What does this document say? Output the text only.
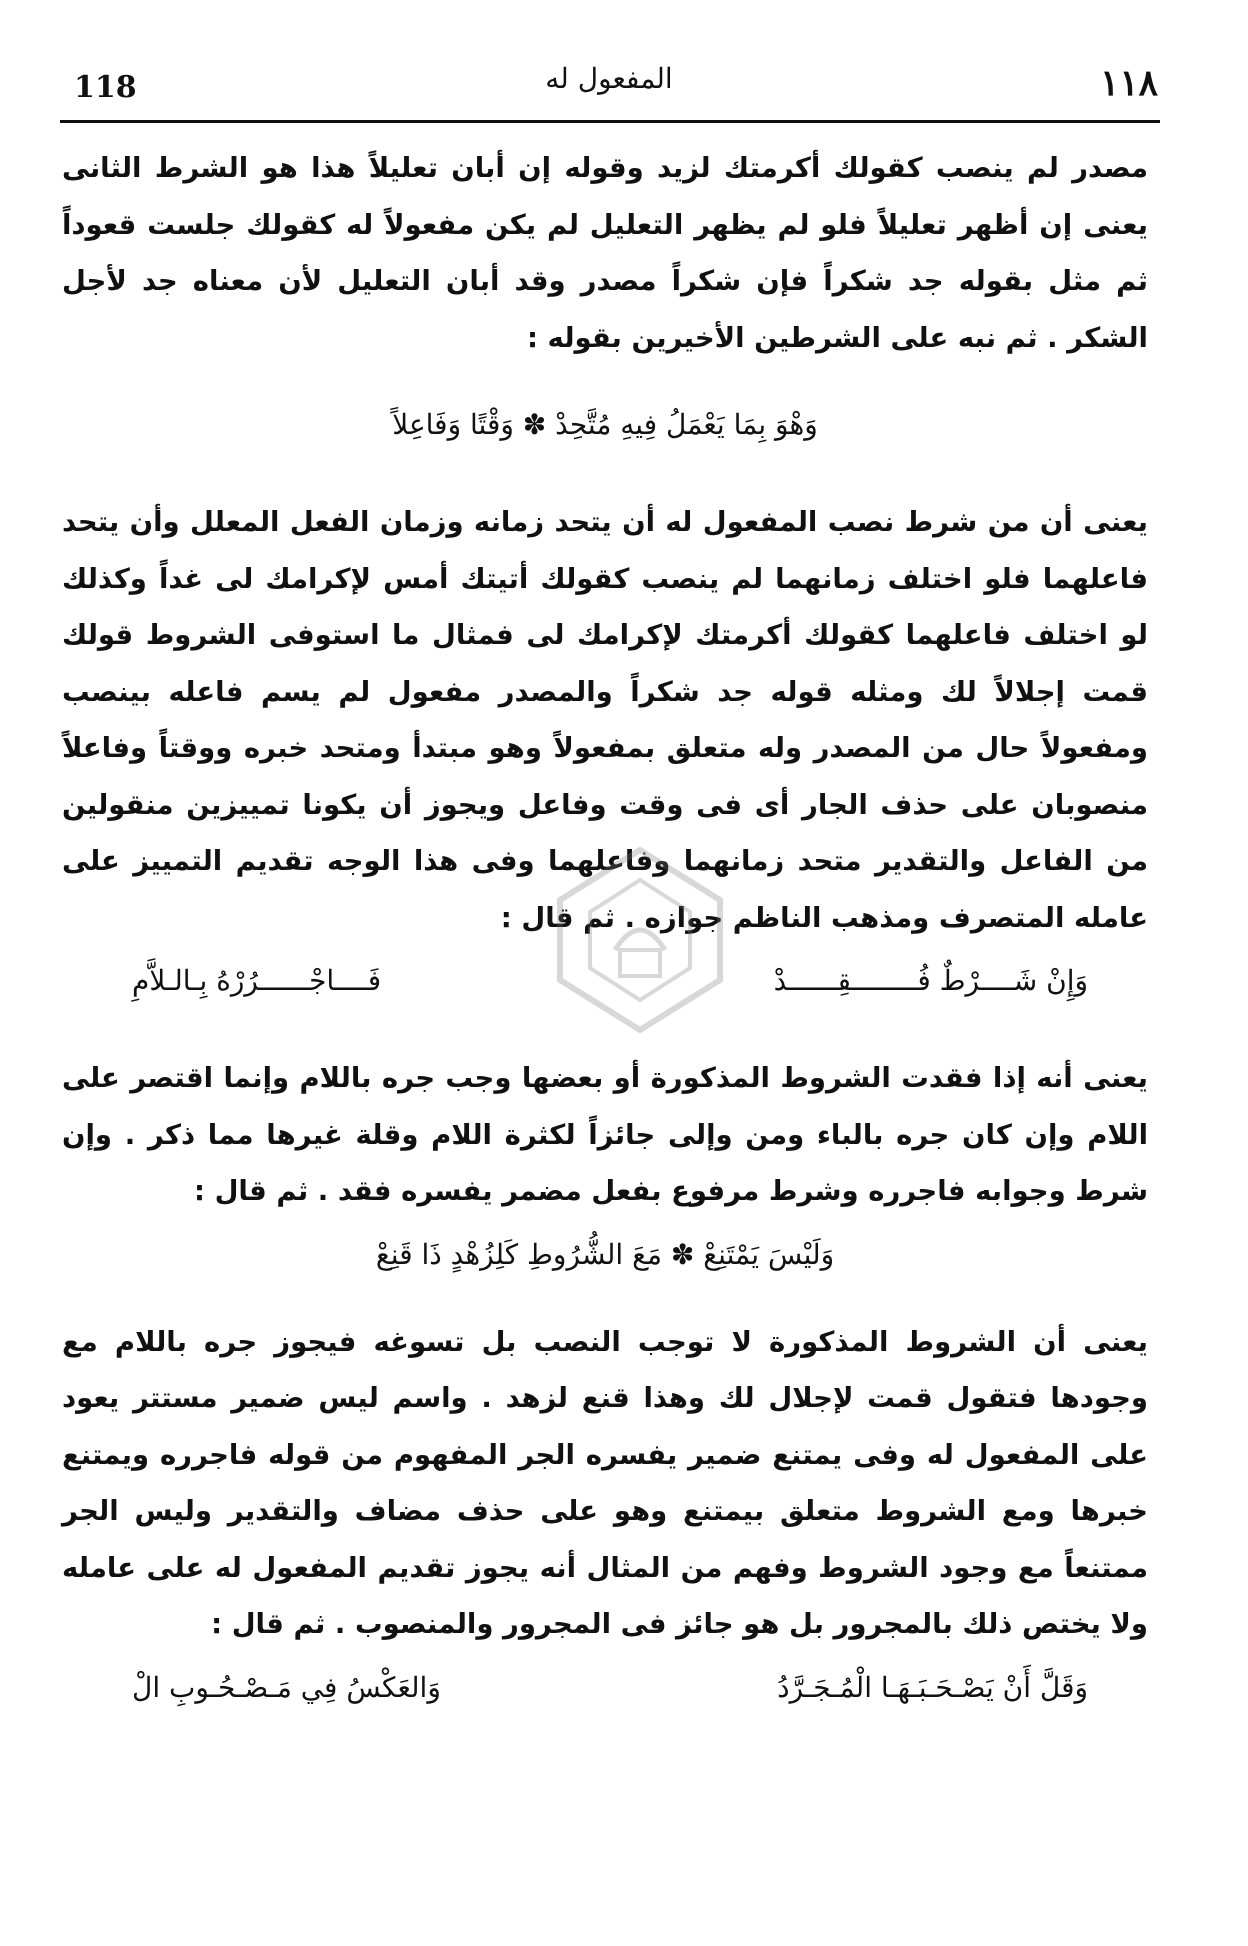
118	المفعول له	١١٨

مصدر لم ينصب كقولك أكرمتك لزيد وقوله إن أبان تعليلاً هذا هو الشرط الثانى يعنى إن أظهر تعليلاً فلو لم يظهر التعليل لم يكن مفعولاً له كقولك جلست قعوداً ثم مثل بقوله جد شكراً فإن شكراً مصدر وقد أبان التعليل لأن معناه جد لأجل الشكر . ثم نبه على الشرطين الأخيرين بقوله :

وَهْوَ بِمَا يَعْمَلُ فِيهِ مُتَّحِدْ ✽ وَقْتًا وَفَاعِلاً

يعنى أن من شرط نصب المفعول له أن يتحد زمانه وزمان الفعل المعلل وأن يتحد فاعلهما فلو اختلف زمانهما لم ينصب كقولك أتيتك أمس لإكرامك لى غداً وكذلك لو اختلف فاعلهما كقولك أكرمتك لإكرامك لى فمثال ما استوفى الشروط قولك قمت إجلالاً لك ومثله قوله جد شكراً والمصدر مفعول لم يسم فاعله بينصب ومفعولاً حال من المصدر وله متعلق بمفعولاً وهو مبتدأ ومتحد خبره ووقتاً وفاعلاً منصوبان على حذف الجار أى فى وقت وفاعل ويجوز أن يكونا تمييزين منقولين من الفاعل والتقدير متحد زمانهما وفاعلهما وفى هذا الوجه تقديم التمييز على عامله المتصرف ومذهب الناظم جوازه . ثم قال :

وَإِنْ شَــــرْطٌ فُــــــــقِــــــدْ
فَــــاجْــــــرُرْهُ بِـالـلاَّمِ

يعنى أنه إذا فقدت الشروط المذكورة أو بعضها وجب جره باللام وإنما اقتصر على اللام وإن كان جره بالباء ومن وإلى جائزاً لكثرة اللام وقلة غيرها مما ذكر . وإن شرط وجوابه فاجرره وشرط مرفوع بفعل مضمر يفسره فقد . ثم قال :

وَلَيْسَ يَمْتَنِعْ ✽ مَعَ الشُّرُوطِ كَلِزُهْدٍ ذَا قَنِعْ

يعنى أن الشروط المذكورة لا توجب النصب بل تسوغه فيجوز جره باللام مع وجودها فتقول قمت لإجلال لك وهذا قنع لزهد . واسم ليس ضمير مستتر يعود على المفعول له وفى يمتنع ضمير يفسره الجر المفهوم من قوله فاجرره ويمتنع خبرها ومع الشروط متعلق بيمتنع وهو على حذف مضاف والتقدير وليس الجر ممتنعاً مع وجود الشروط وفهم من المثال أنه يجوز تقديم المفعول له على عامله ولا يختص ذلك بالمجرور بل هو جائز فى المجرور والمنصوب . ثم قال :

وَقَلَّ أَنْ يَصْـحَـبَـهَـا الْمُـجَـرَّدُ
وَالعَكْسُ فِي مَـصْـحُـوبِ الْ
